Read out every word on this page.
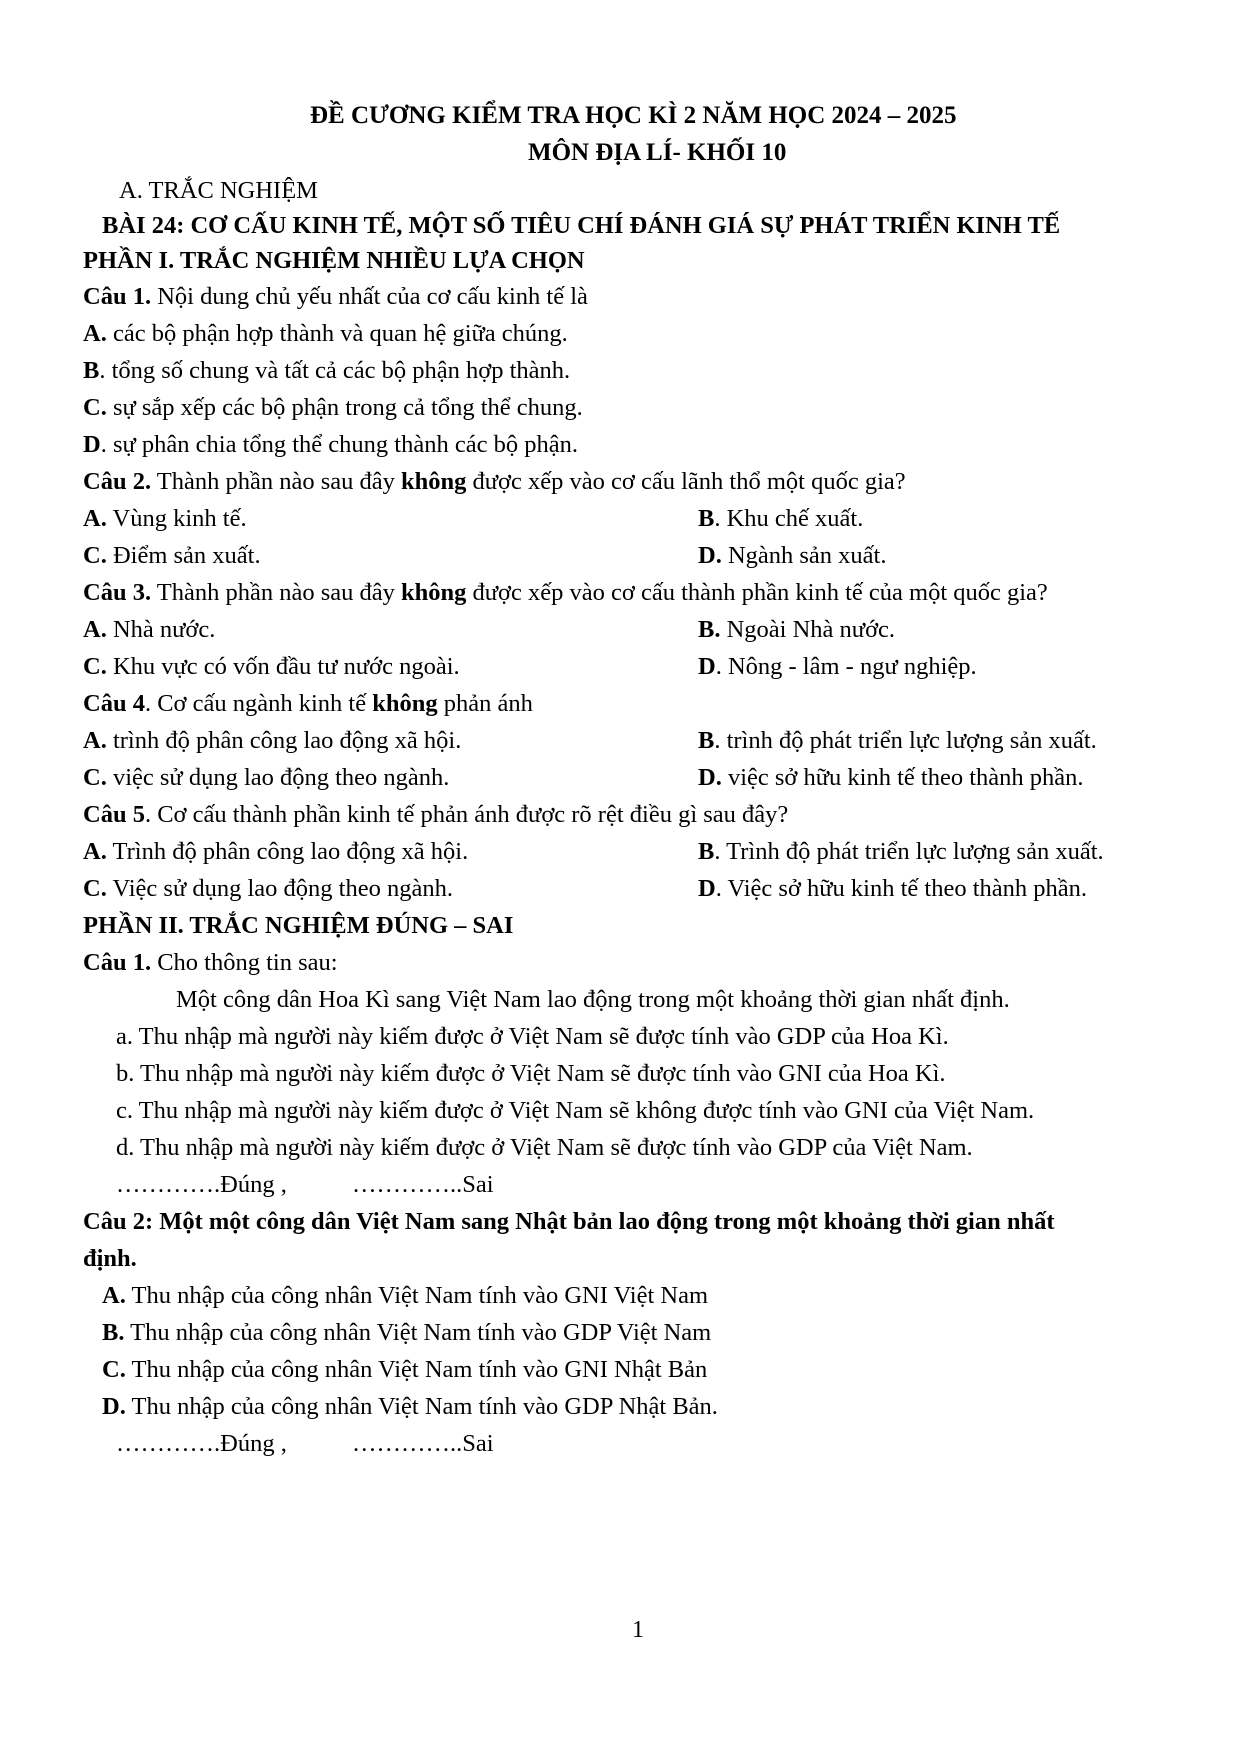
ĐỀ CƯƠNG KIỂM TRA HỌC KÌ 2 NĂM HỌC 2024 – 2025
MÔN ĐỊA LÍ- KHỐI 10
A. TRẮC NGHIỆM
BÀI 24: CƠ CẤU KINH TẾ, MỘT SỐ TIÊU CHÍ ĐÁNH GIÁ SỰ PHÁT TRIỂN KINH TẾ
PHẦN I. TRẮC NGHIỆM NHIỀU LỰA CHỌN
Câu 1. Nội dung chủ yếu nhất của cơ cấu kinh tế là
A. các bộ phận hợp thành và quan hệ giữa chúng.
B. tổng số chung và tất cả các bộ phận hợp thành.
C. sự sắp xếp các bộ phận trong cả tổng thể chung.
D. sự phân chia tổng thể chung thành các bộ phận.
Câu 2. Thành phần nào sau đây không được xếp vào cơ cấu lãnh thổ một quốc gia?
A. Vùng kinh tế.	B. Khu chế xuất.
C. Điểm sản xuất.	D. Ngành sản xuất.
Câu 3. Thành phần nào sau đây không được xếp vào cơ cấu thành phần kinh tế của một quốc gia?
A. Nhà nước.	B. Ngoài Nhà nước.
C. Khu vực có vốn đầu tư nước ngoài.	D. Nông - lâm - ngư nghiệp.
Câu 4. Cơ cấu ngành kinh tế không phản ánh
A. trình độ phân công lao động xã hội.	B. trình độ phát triển lực lượng sản xuất.
C. việc sử dụng lao động theo ngành.	D. việc sở hữu kinh tế theo thành phần.
Câu 5. Cơ cấu thành phần kinh tế phản ánh được rõ rệt điều gì sau đây?
A. Trình độ phân công lao động xã hội.	B. Trình độ phát triển lực lượng sản xuất.
C. Việc sử dụng lao động theo ngành.	D. Việc sở hữu kinh tế theo thành phần.
PHẦN II. TRẮC NGHIỆM ĐÚNG – SAI
Câu 1. Cho thông tin sau:
Một công dân Hoa Kì sang Việt Nam lao động trong một khoảng thời gian nhất định.
a. Thu nhập mà người này kiếm được ở Việt Nam sẽ được tính vào GDP của Hoa Kì.
b. Thu nhập mà người này kiếm được ở Việt Nam sẽ được tính vào GNI của Hoa Kì.
c. Thu nhập mà người này kiếm được ở Việt Nam sẽ không được tính vào GNI của Việt Nam.
d. Thu nhập mà người này kiếm được ở Việt Nam sẽ được tính vào GDP của Việt Nam.
………….Đúng ,	…………..Sai
Câu 2: Một một công dân Việt Nam sang Nhật bản lao động trong một khoảng thời gian nhất
định.
A. Thu nhập của công nhân Việt Nam tính vào GNI Việt Nam
B. Thu nhập của công nhân Việt Nam tính vào GDP Việt Nam
C. Thu nhập của công nhân Việt Nam tính vào GNI Nhật Bản
D. Thu nhập của công nhân Việt Nam tính vào GDP Nhật Bản.
………….Đúng ,	…………..Sai
1
